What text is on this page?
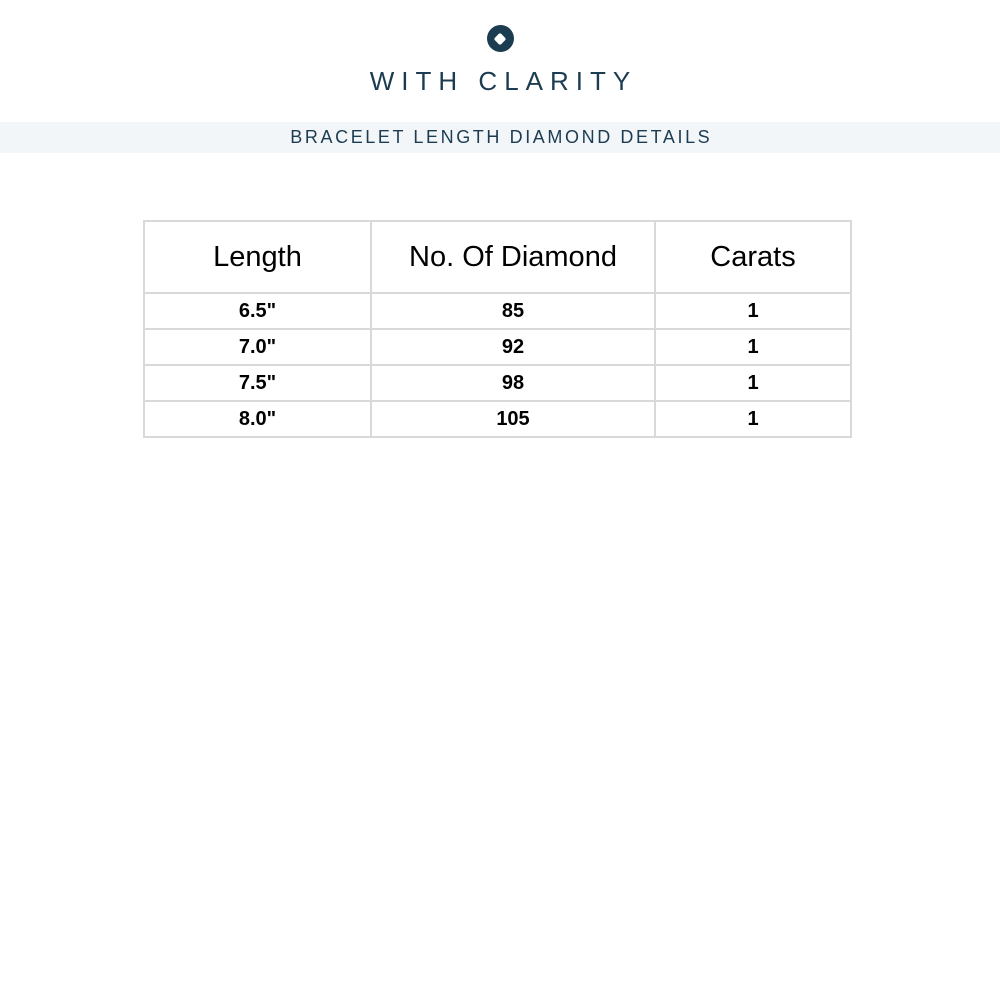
WITH CLARITY
BRACELET LENGTH DIAMOND DETAILS
Length	No. Of Diamond	Carats
6.5"	85	1
7.0"	92	1
7.5"	98	1
8.0"	105	1
